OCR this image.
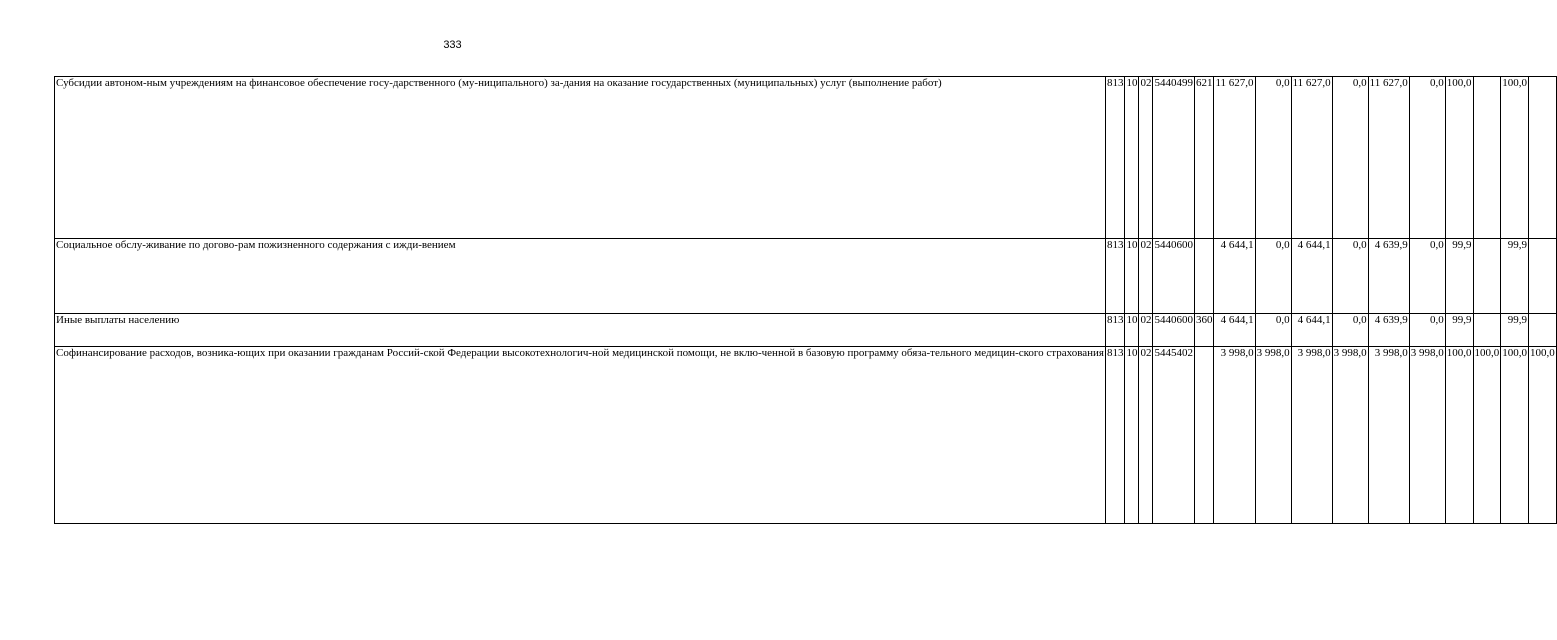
333
Субсидии автоном-ным учреждениям на финансовое обеспечение госу-дарственного (му-ниципального) за-дания на оказание государственных (муниципальных) услуг (выполнение работ)	813	10	02	5440499	621	11 627,0	0,0	11 627,0	0,0	11 627,0	0,0	100,0		100,0	
Социальное обслу-живание по догово-рам пожизненного содержания с ижди-вением	813	10	02	5440600		4 644,1	0,0	4 644,1	0,0	4 639,9	0,0	99,9		99,9	
Иные выплаты населению	813	10	02	5440600	360	4 644,1	0,0	4 644,1	0,0	4 639,9	0,0	99,9		99,9	
Софинансирование расходов, возника-ющих при оказании гражданам Россий-ской Федерации высокотехнологич-ной медицинской помощи, не вклю-ченной в базовую программу обяза-тельного медицин-ского страхования	813	10	02	5445402		3 998,0	3 998,0	3 998,0	3 998,0	3 998,0	3 998,0	100,0	100,0	100,0	100,0
